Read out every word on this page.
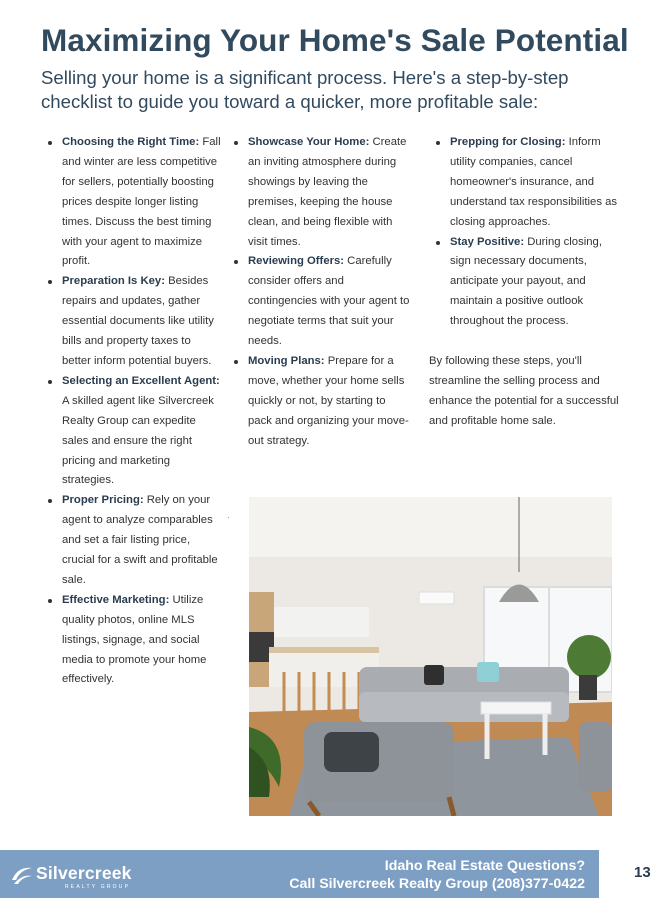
Maximizing Your Home's Sale Potential

Selling your home is a significant process. Here's a step-by-step checklist to guide you toward a quicker, more profitable sale:

Choosing the Right Time: Fall and winter are less competitive for sellers, potentially boosting prices despite longer listing times. Discuss the best timing with your agent to maximize profit.
Preparation Is Key: Besides repairs and updates, gather essential documents like utility bills and property taxes to better inform potential buyers.
Selecting an Excellent Agent: A skilled agent like Silvercreek Realty Group can expedite sales and ensure the right pricing and marketing strategies.
Proper Pricing: Rely on your agent to analyze comparables and set a fair listing price, crucial for a swift and profitable sale.
Effective Marketing: Utilize quality photos, online MLS listings, signage, and social media to promote your home effectively.
Showcase Your Home: Create an inviting atmosphere during showings by leaving the premises, keeping the house clean, and being flexible with visit times.
Reviewing Offers: Carefully consider offers and contingencies with your agent to negotiate terms that suit your needs.
Moving Plans: Prepare for a move, whether your home sells quickly or not, by starting to pack and organizing your move-out strategy.
Prepping for Closing: Inform utility companies, cancel homeowner's insurance, and understand tax responsibilities as closing approaches.
Stay Positive: During closing, sign necessary documents, anticipate your payout, and maintain a positive outlook throughout the process.

By following these steps, you'll streamline the selling process and enhance the potential for a successful and profitable home sale.

Silvercreek
REALTY GROUP
Idaho Real Estate Questions?
Call Silvercreek Realty Group (208)377-0422
13
